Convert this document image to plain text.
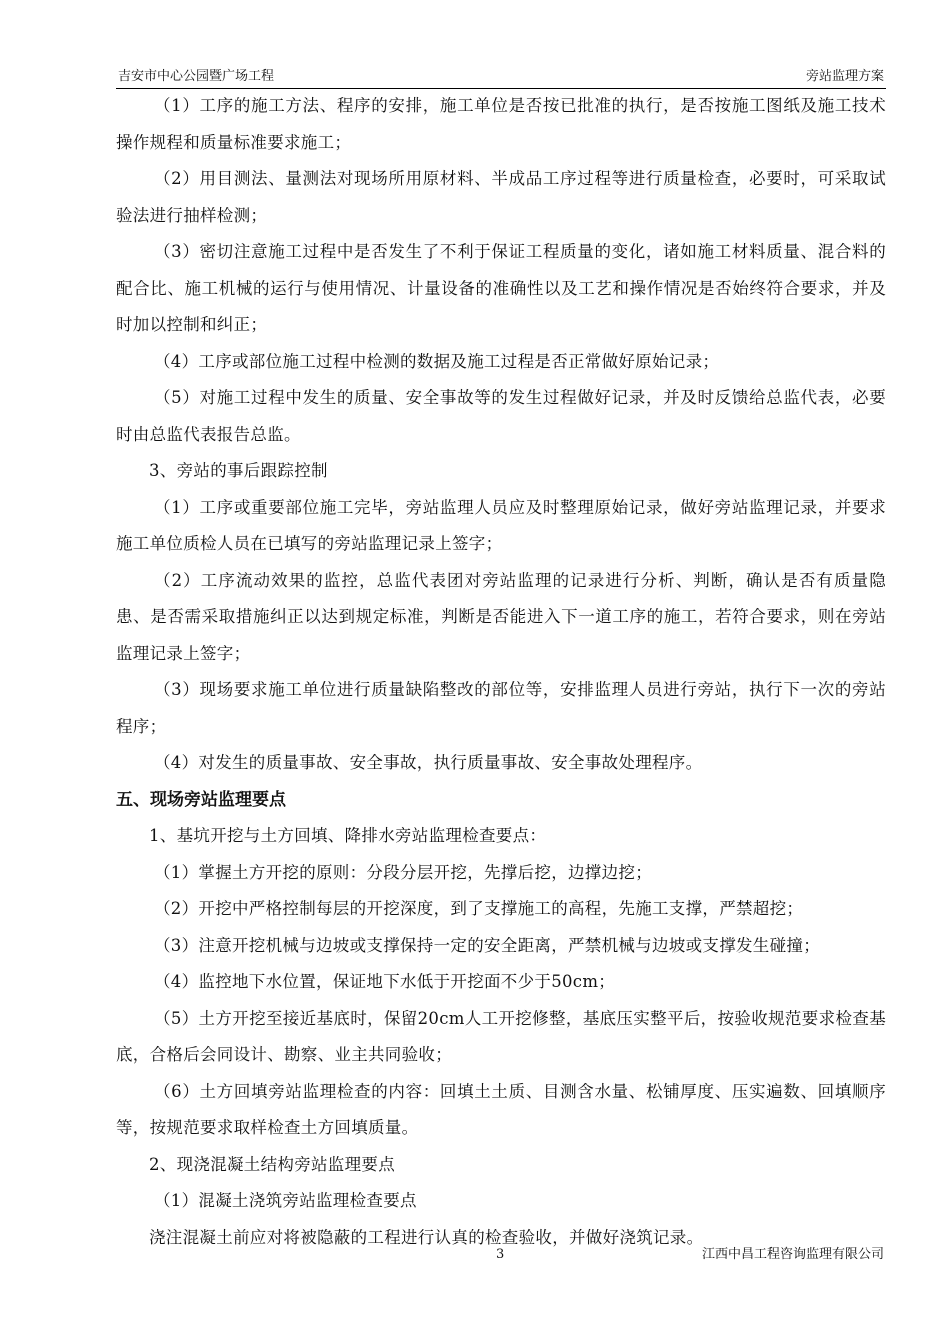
吉安市中心公园暨广场工程	旁站监理方案

（1）工序的施工方法、程序的安排，施工单位是否按已批准的执行，是否按施工图纸及施工技术操作规程和质量标准要求施工；

（2）用目测法、量测法对现场所用原材料、半成品工序过程等进行质量检查，必要时，可采取试验法进行抽样检测；

（3）密切注意施工过程中是否发生了不利于保证工程质量的变化，诸如施工材料质量、混合料的配合比、施工机械的运行与使用情况、计量设备的准确性以及工艺和操作情况是否始终符合要求，并及时加以控制和纠正；

（4）工序或部位施工过程中检测的数据及施工过程是否正常做好原始记录；

（5）对施工过程中发生的质量、安全事故等的发生过程做好记录，并及时反馈给总监代表，必要时由总监代表报告总监。

3、旁站的事后跟踪控制

（1）工序或重要部位施工完毕，旁站监理人员应及时整理原始记录，做好旁站监理记录，并要求施工单位质检人员在已填写的旁站监理记录上签字；

（2）工序流动效果的监控，总监代表团对旁站监理的记录进行分析、判断，确认是否有质量隐患、是否需采取措施纠正以达到规定标准，判断是否能进入下一道工序的施工，若符合要求，则在旁站监理记录上签字；

（3）现场要求施工单位进行质量缺陷整改的部位等，安排监理人员进行旁站，执行下一次的旁站程序；

（4）对发生的质量事故、安全事故，执行质量事故、安全事故处理程序。

五、现场旁站监理要点

1、基坑开挖与土方回填、降排水旁站监理检查要点：

（1）掌握土方开挖的原则：分段分层开挖，先撑后挖，边撑边挖；

（2）开挖中严格控制每层的开挖深度，到了支撑施工的高程，先施工支撑，严禁超挖；

（3）注意开挖机械与边坡或支撑保持一定的安全距离，严禁机械与边坡或支撑发生碰撞；

（4）监控地下水位置，保证地下水低于开挖面不少于50cm；

（5）土方开挖至接近基底时，保留20cm人工开挖修整，基底压实整平后，按验收规范要求检查基底，合格后会同设计、勘察、业主共同验收；

（6）土方回填旁站监理检查的内容：回填土土质、目测含水量、松铺厚度、压实遍数、回填顺序等，按规范要求取样检查土方回填质量。

2、现浇混凝土结构旁站监理要点

（1）混凝土浇筑旁站监理检查要点

浇注混凝土前应对将被隐蔽的工程进行认真的检查验收，并做好浇筑记录。

3	江西中昌工程咨询监理有限公司
